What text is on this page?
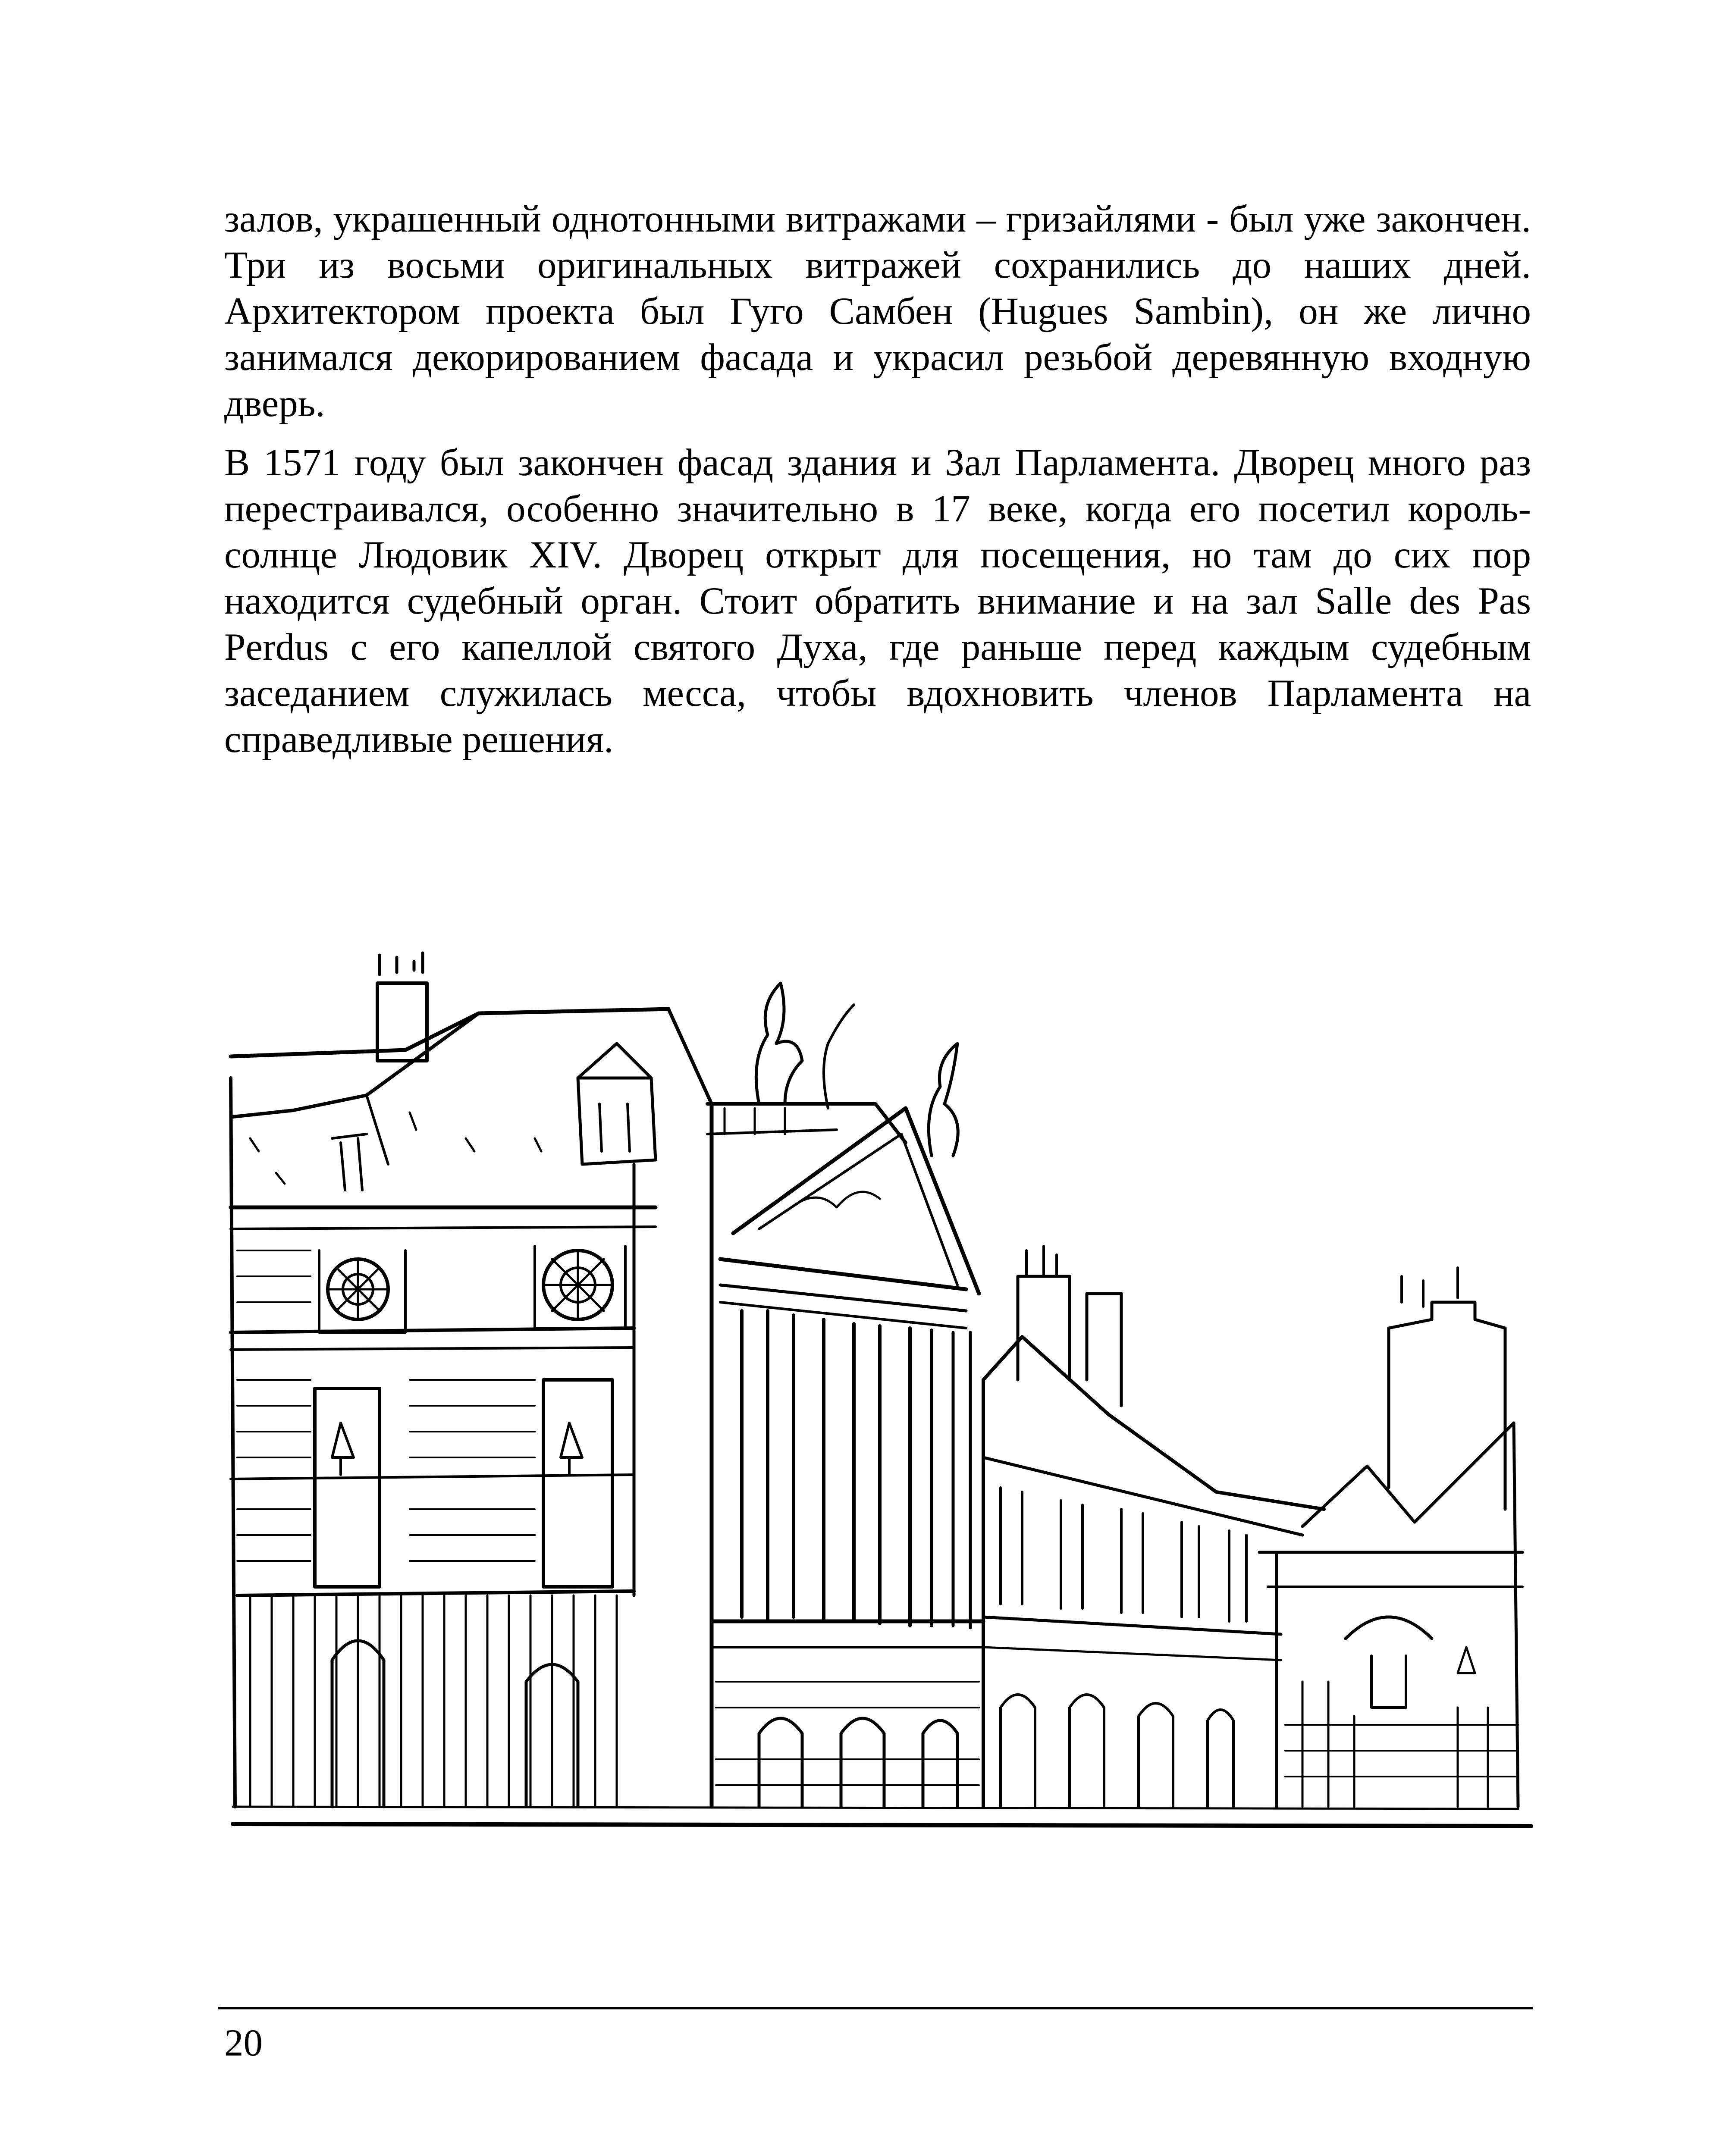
залов, украшенный однотонными витражами – гризайлями - был уже закончен. Три из восьми оригинальных витражей сохранились до наших дней. Архитектором проекта был Гуго Самбен (Hugues Sambin), он же лично занимался декорированием фасада и украсил резьбой деревянную входную дверь.

В 1571 году был закончен фасад здания и Зал Парламента. Дворец много раз перестраивался, особенно значительно в 17 веке, когда его посетил король-солнце Людовик XIV. Дворец открыт для посещения, но там до сих пор находится судебный орган. Стоит обратить внимание и на зал Salle des Pas Perdus с его капеллой святого Духа, где раньше перед каждым судебным заседанием служилась месса, чтобы вдохновить членов Парламента на справедливые решения.

20
